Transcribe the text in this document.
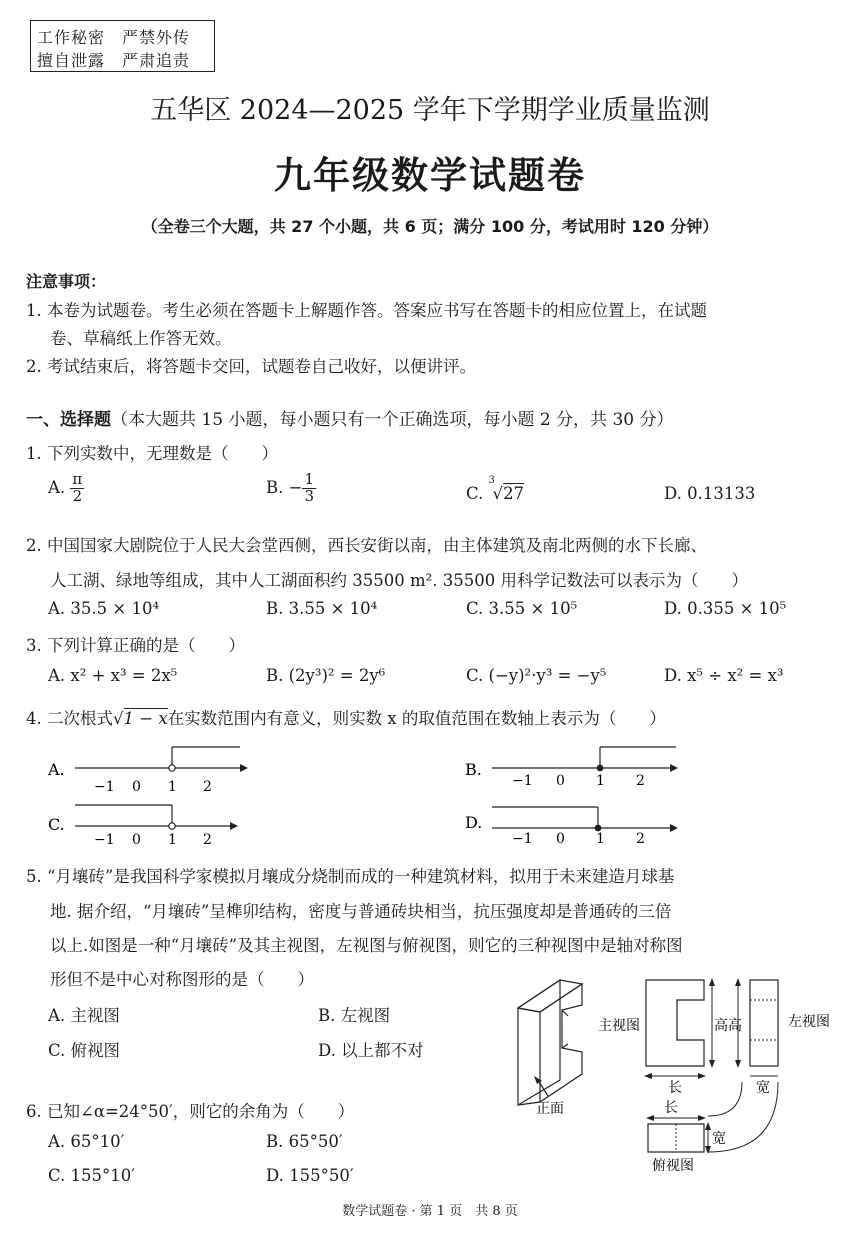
工作秘密　严禁外传
擅自泄露　严肃追责
五华区 2024—2025 学年下学期学业质量监测
九年级数学试题卷
（全卷三个大题，共 27 个小题，共 6 页；满分 100 分，考试用时 120 分钟）
注意事项：
1. 本卷为试题卷。考生必须在答题卡上解题作答。答案应书写在答题卡的相应位置上，在试题
卷、草稿纸上作答无效。
2. 考试结束后，将答题卡交回，试题卷自己收好，以便讲评。
一、选择题（本大题共 15 小题，每小题只有一个正确选项，每小题 2 分，共 30 分）
1. 下列实数中，无理数是（　　）
A. $\frac{\pi}{2}$	B. − $\frac{1}{3}$	C.
3
√27	D. 0.13133
2. 中国国家大剧院位于人民大会堂西侧，西长安街以南，由主体建筑及南北两侧的水下长廊、
人工湖、绿地等组成，其中人工湖面积约 35500 m². 35500 用科学记数法可以表示为（　　）
A. 35.5 × 10⁴	B. 3.55 × 10⁴	C. 3.55 × 10⁵	D. 0.355 × 10⁵
3. 下列计算正确的是（　　）
A. x² + x³ = 2x⁵	B. (2y³)² = 2y⁶	C. (−y)²·y³ = −y⁵	D. x⁵ ÷ x² = x³
4. 二次根式√1 − x在实数范围内有意义，则实数 x 的取值范围在数轴上表示为（　　）
A.
−1 0 1 2
B.
−1 0 1 2
C.
−1 0 1 2
D.
−1 0 1 2
5. “月壤砖”是我国科学家模拟月壤成分烧制而成的一种建筑材料，拟用于未来建造月球基
地. 据介绍，“月壤砖”呈榫卯结构，密度与普通砖块相当，抗压强度却是普通砖的三倍
以上.如图是一种“月壤砖”及其主视图，左视图与俯视图，则它的三种视图中是轴对称图
形但不是中心对称图形的是（　　）
A. 主视图	B. 左视图
C. 俯视图	D. 以上都不对
正面
主视图	高 高
长
左视图
宽
长
宽
俯视图
6. 已知∠α=24°50′，则它的余角为（　　）
A. 65°10′	B. 65°50′
C. 155°10′	D. 155°50′
数学试题卷 · 第 1 页　共 8 页
